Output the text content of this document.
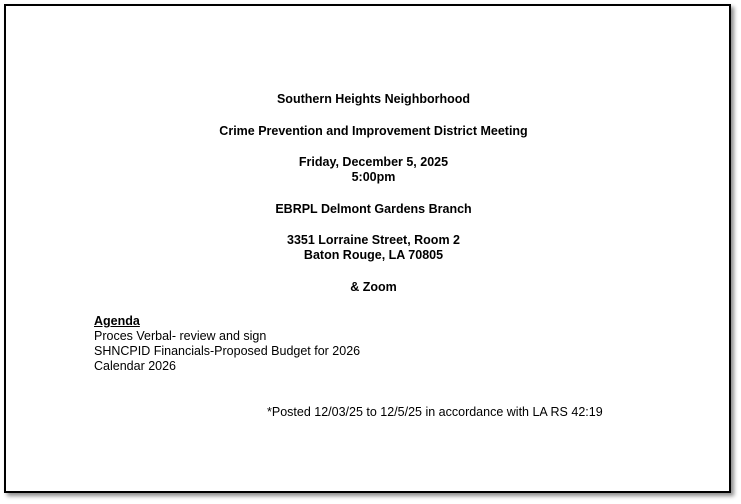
Southern Heights Neighborhood
Crime Prevention and Improvement District Meeting
Friday, December 5, 2025
5:00pm
EBRPL Delmont Gardens Branch
3351 Lorraine Street, Room 2
Baton Rouge, LA 70805
& Zoom
Agenda
Proces Verbal- review and sign
SHNCPID Financials-Proposed Budget for 2026
Calendar 2026
*Posted 12/03/25 to 12/5/25 in accordance with LA RS 42:19
